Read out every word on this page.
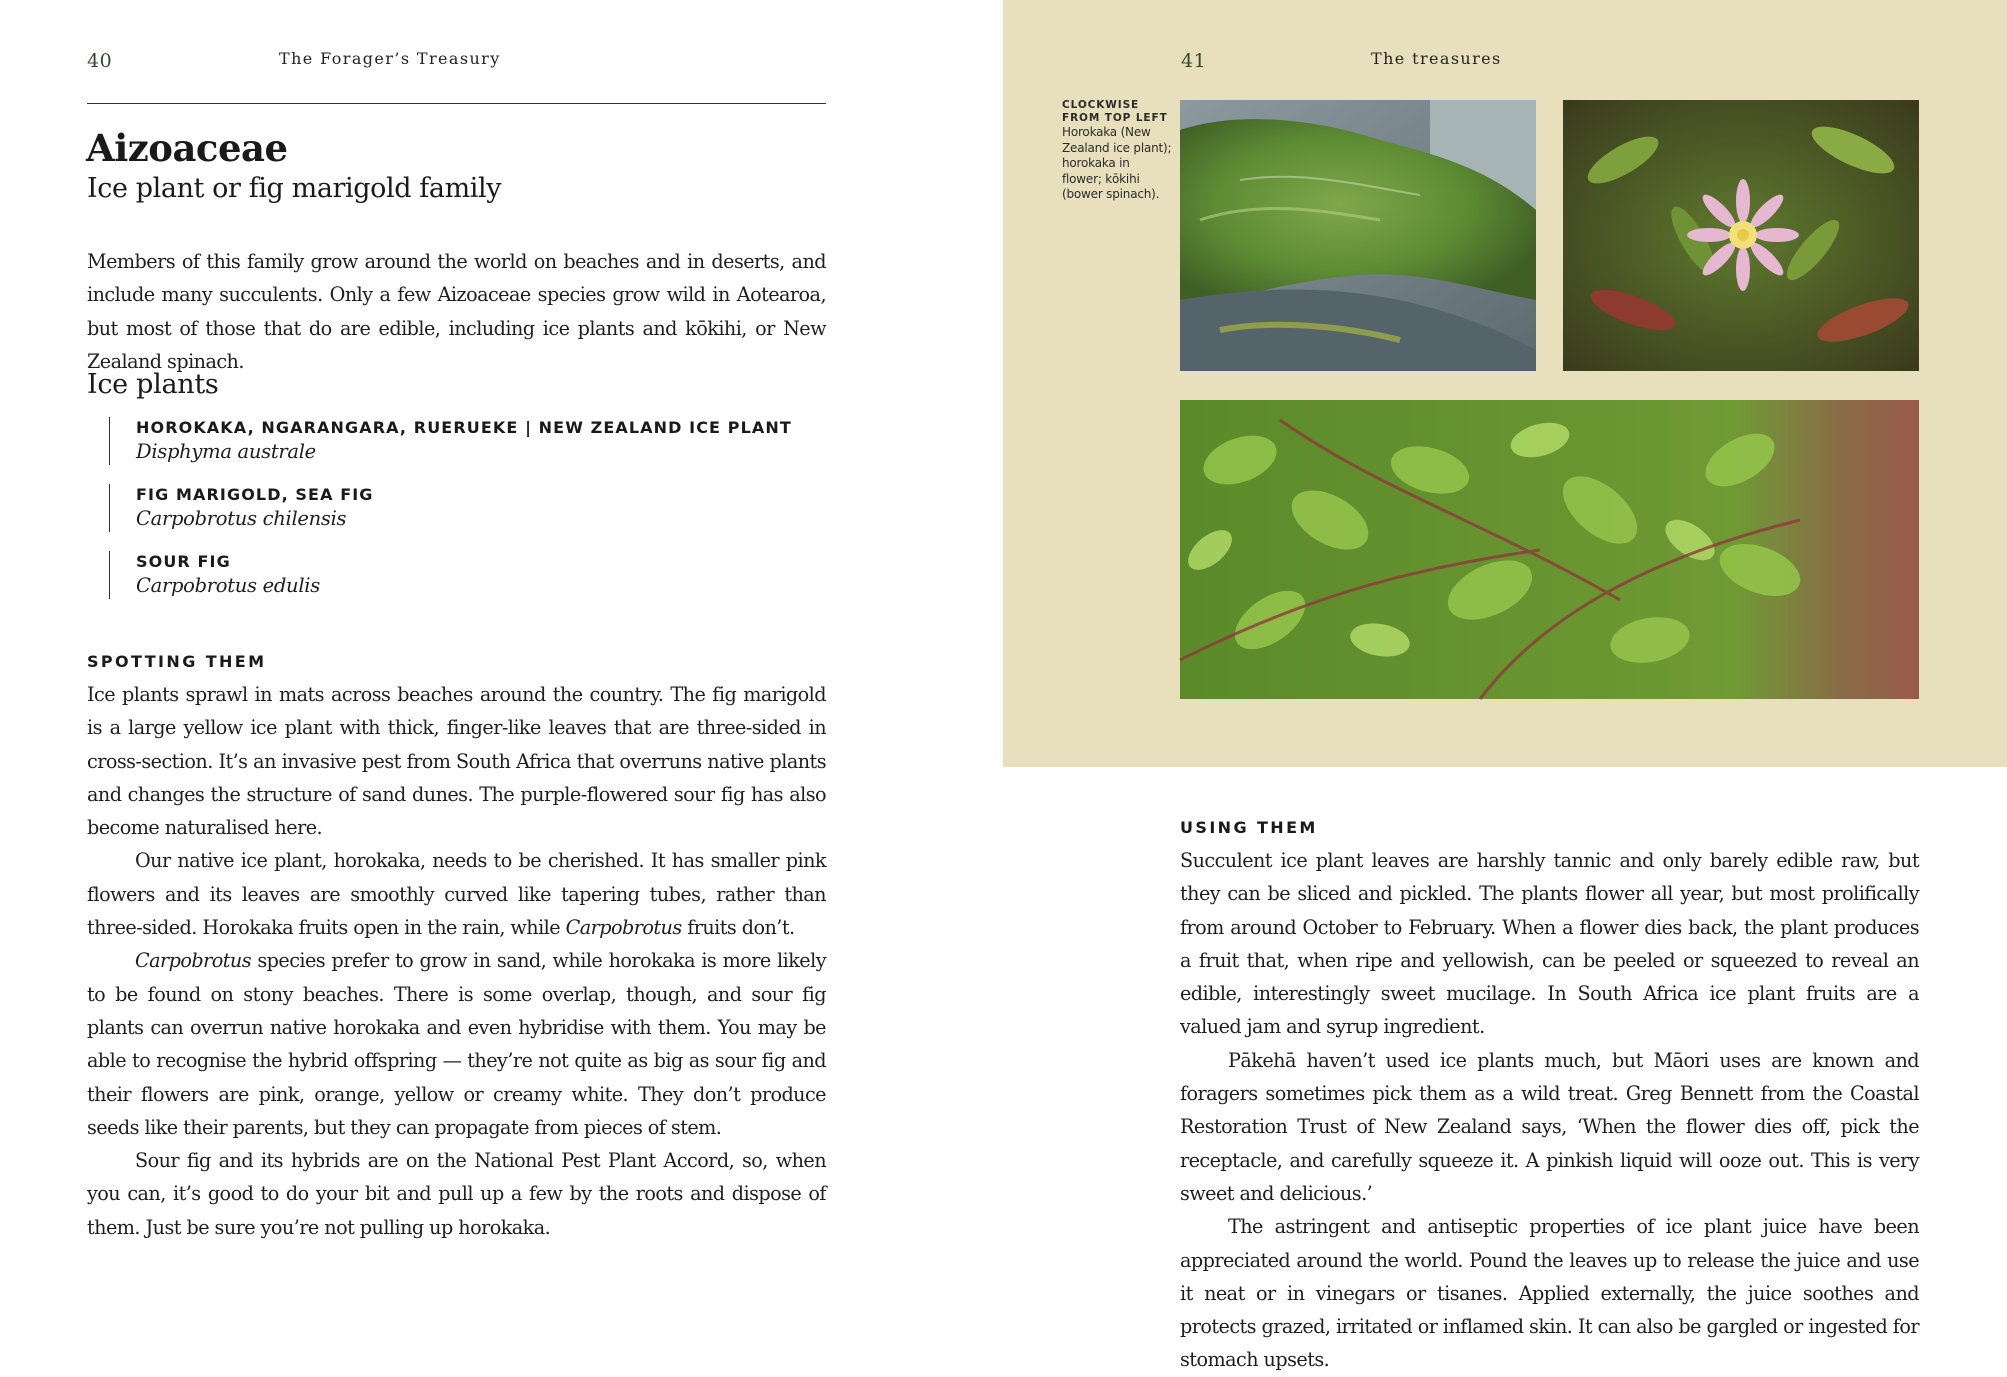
40	The Forager’s Treasury
Aizoaceae
Ice plant or fig marigold family

Members of this family grow around the world on beaches and in deserts, and include many succulents. Only a few Aizoaceae species grow wild in Aotearoa, but most of those that do are edible, including ice plants and kōkihi, or New Zealand spinach.

Ice plants
HOROKAKA, NGARANGARA, RUERUEKE | NEW ZEALAND ICE PLANT
Disphyma australe
FIG MARIGOLD, SEA FIG
Carpobrotus chilensis
SOUR FIG
Carpobrotus edulis
SPOTTING THEM

Ice plants sprawl in mats across beaches around the country. The fig marigold is a large yellow ice plant with thick, finger-like leaves that are three-sided in cross-section. It’s an invasive pest from South Africa that overruns native plants and changes the structure of sand dunes. The purple-flowered sour fig has also become naturalised here.

Our native ice plant, horokaka, needs to be cherished. It has smaller pink flowers and its leaves are smoothly curved like tapering tubes, rather than three-sided. Horokaka fruits open in the rain, while Carpobrotus fruits don’t.

Carpobrotus species prefer to grow in sand, while horokaka is more likely to be found on stony beaches. There is some overlap, though, and sour fig plants can overrun native horokaka and even hybridise with them. You may be able to recognise the hybrid offspring — they’re not quite as big as sour fig and their flowers are pink, orange, yellow or creamy white. They don’t produce seeds like their parents, but they can propagate from pieces of stem.

Sour fig and its hybrids are on the National Pest Plant Accord, so, when you can, it’s good to do your bit and pull up a few by the roots and dispose of them. Just be sure you’re not pulling up horokaka.

41	The treasures
CLOCKWISE FROM TOP LEFT
Horokaka (New Zealand ice plant); horokaka in flower; kōkihi (bower spinach).
USING THEM

Succulent ice plant leaves are harshly tannic and only barely edible raw, but they can be sliced and pickled. The plants flower all year, but most prolifically from around October to February. When a flower dies back, the plant produces a fruit that, when ripe and yellowish, can be peeled or squeezed to reveal an edible, interestingly sweet mucilage. In South Africa ice plant fruits are a valued jam and syrup ingredient.

Pākehā haven’t used ice plants much, but Māori uses are known and foragers sometimes pick them as a wild treat. Greg Bennett from the Coastal Restoration Trust of New Zealand says, ‘When the flower dies off, pick the receptacle, and carefully squeeze it. A pinkish liquid will ooze out. This is very sweet and delicious.’

The astringent and antiseptic properties of ice plant juice have been appreciated around the world. Pound the leaves up to release the juice and use it neat or in vinegars or tisanes. Applied externally, the juice soothes and protects grazed, irritated or inflamed skin. It can also be gargled or ingested for stomach upsets.
